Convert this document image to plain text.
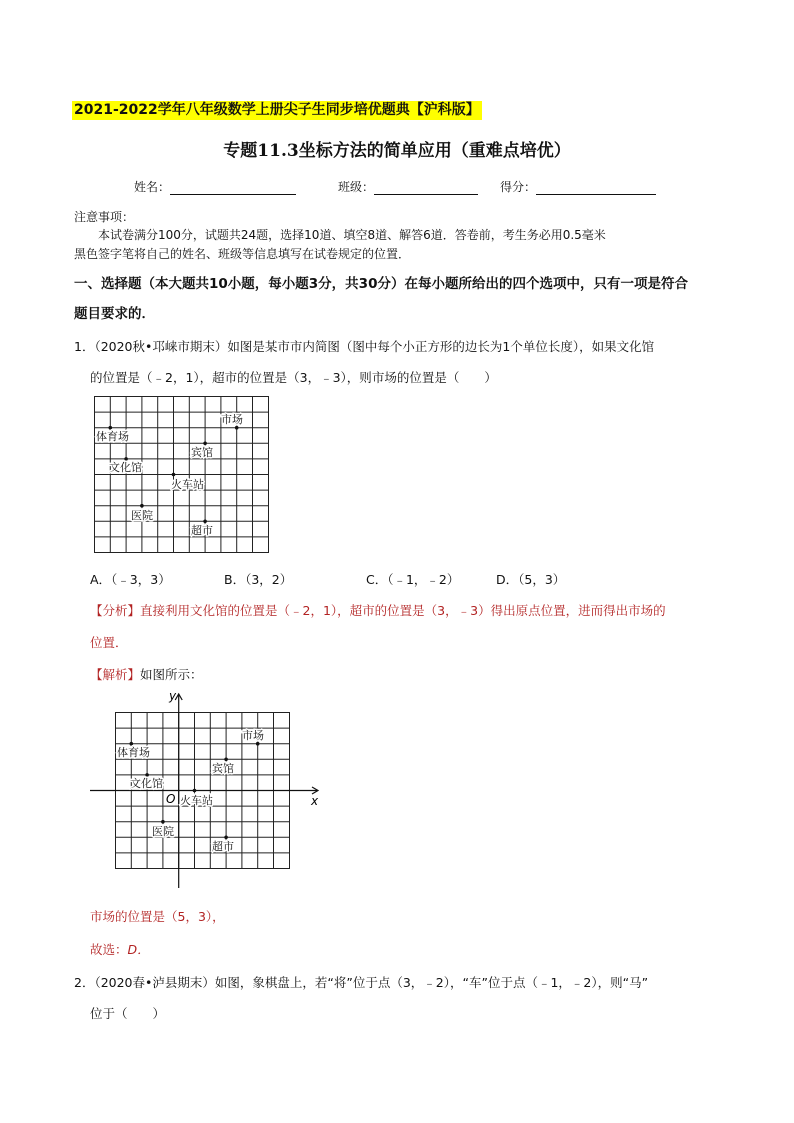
2021-2022学年八年级数学上册尖子生同步培优题典【沪科版】
专题11.3坐标方法的简单应用（重难点培优）
姓名：	班级：	得分：
注意事项：
本试卷满分100分，试题共24题，选择10道、填空8道、解答6道．答卷前，考生务必用0.5毫米
黑色签字笔将自己的姓名、班级等信息填写在试卷规定的位置．
一、选择题（本大题共10小题，每小题3分，共30分）在每小题所给出的四个选项中，只有一项是符合
题目要求的．
1．（2020秋•邛崃市期末）如图是某市市内简图（图中每个小正方形的边长为1个单位长度），如果文化馆
的位置是（﹣2，1），超市的位置是（3，﹣3），则市场的位置是（　　）
市场
体育场
宾馆
文化馆
火车站
医院
超市
A．（﹣3，3）	B．（3，2）	C．（﹣1，﹣2）	D．（5，3）
【分析】直接利用文化馆的位置是（﹣2，1），超市的位置是（3，﹣3）得出原点位置，进而得出市场的
位置．
【解析】如图所示：
x
y
O
市场
体育场
宾馆
文化馆
火车站
医院
超市
市场的位置是（5，3），
故选：D．
2．（2020春•泸县期末）如图，象棋盘上，若“将”位于点（3，﹣2），“车”位于点（﹣1，﹣2），则“马”
位于（　　）
